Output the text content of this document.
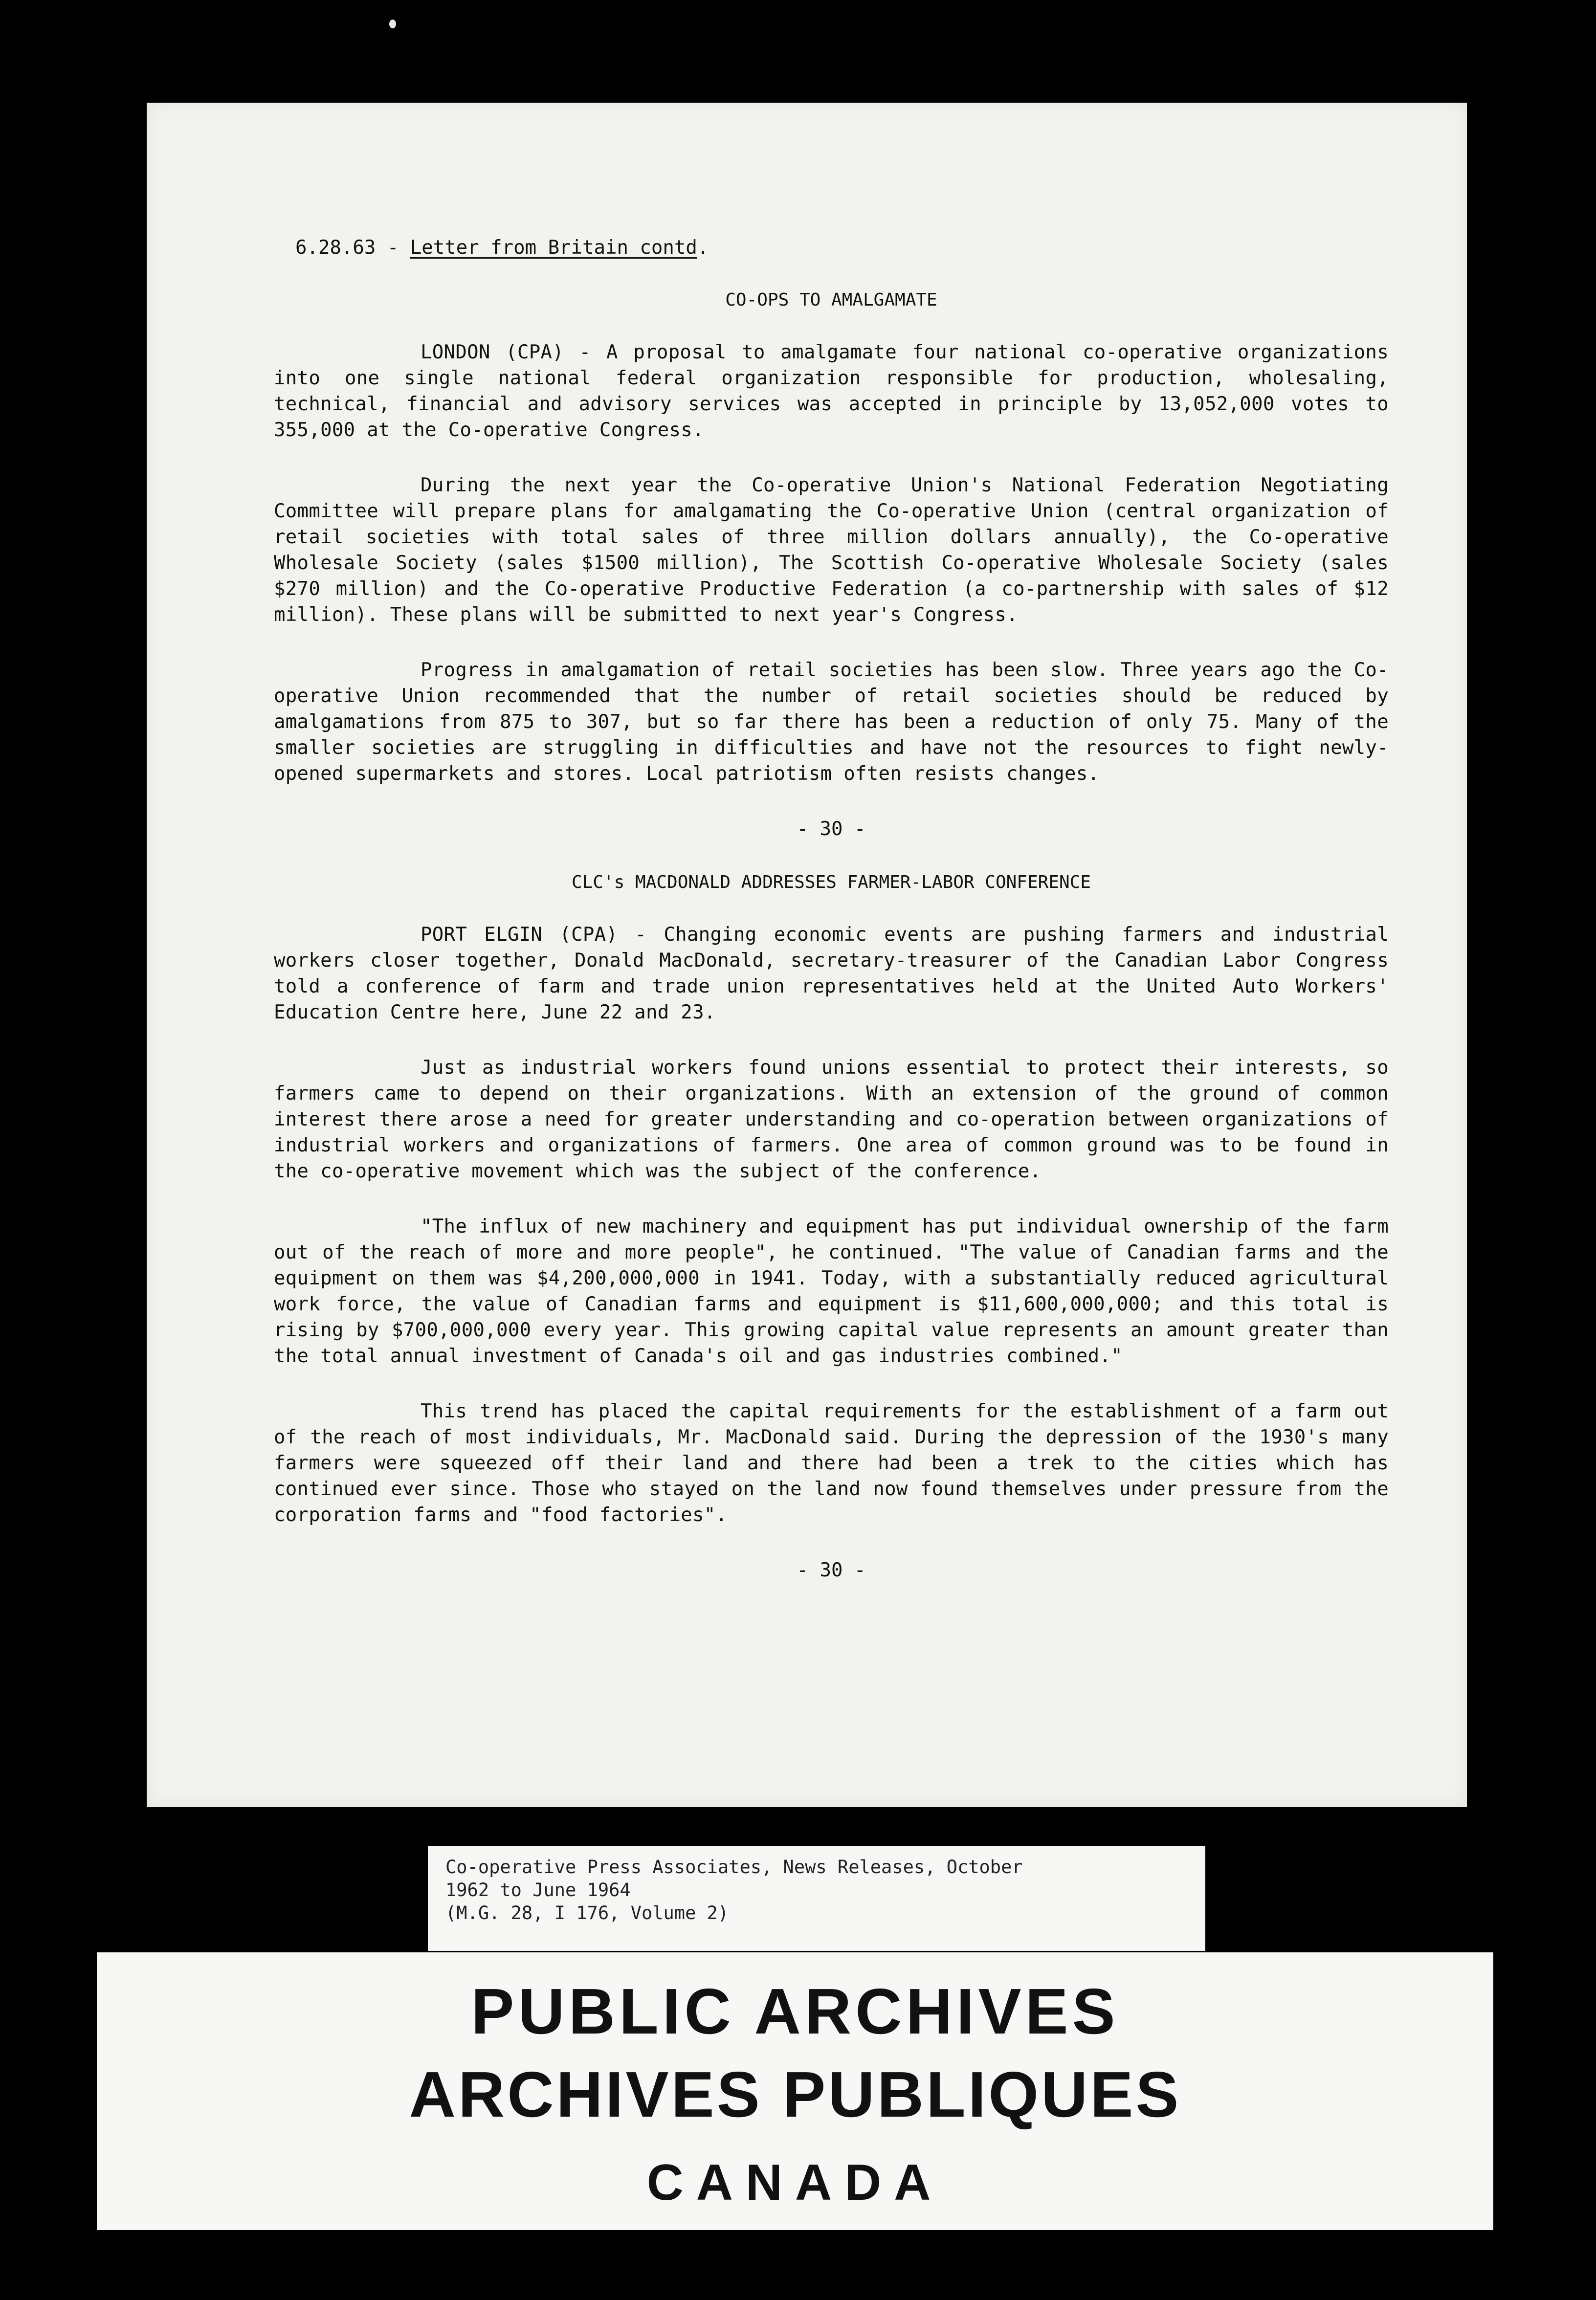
6.28.63 - Letter from Britain contd.
CO-OPS TO AMALGAMATE

LONDON (CPA) - A proposal to amalgamate four national co-operative organizations into one single national federal organization responsible for production, wholesaling, technical, financial and advisory services was accepted in principle by 13,052,000 votes to 355,000 at the Co-operative Congress.

During the next year the Co-operative Union's National Federation Negotiating Committee will prepare plans for amalgamating the Co-operative Union (central organization of retail societies with total sales of three million dollars annually), the Co-operative Wholesale Society (sales $1500 million), The Scottish Co-operative Wholesale Society (sales $270 million) and the Co-operative Productive Federation (a co-partnership with sales of $12 million). These plans will be submitted to next year's Congress.

Progress in amalgamation of retail societies has been slow. Three years ago the Co-operative Union recommended that the number of retail societies should be reduced by amalgamations from 875 to 307, but so far there has been a reduction of only 75. Many of the smaller societies are struggling in difficulties and have not the resources to fight newly-opened supermarkets and stores. Local patriotism often resists changes.

- 30 -
CLC's MACDONALD ADDRESSES FARMER-LABOR CONFERENCE

PORT ELGIN (CPA) - Changing economic events are pushing farmers and industrial workers closer together, Donald MacDonald, secretary-treasurer of the Canadian Labor Congress told a conference of farm and trade union representatives held at the United Auto Workers' Education Centre here, June 22 and 23.

Just as industrial workers found unions essential to protect their interests, so farmers came to depend on their organizations. With an extension of the ground of common interest there arose a need for greater understanding and co-operation between organizations of industrial workers and organizations of farmers. One area of common ground was to be found in the co-operative movement which was the subject of the conference.

"The influx of new machinery and equipment has put individual ownership of the farm out of the reach of more and more people", he continued. "The value of Canadian farms and the equipment on them was $4,200,000,000 in 1941. Today, with a substantially reduced agricultural work force, the value of Canadian farms and equipment is $11,600,000,000; and this total is rising by $700,000,000 every year. This growing capital value represents an amount greater than the total annual investment of Canada's oil and gas industries combined."

This trend has placed the capital requirements for the establishment of a farm out of the reach of most individuals, Mr. MacDonald said. During the depression of the 1930's many farmers were squeezed off their land and there had been a trek to the cities which has continued ever since. Those who stayed on the land now found themselves under pressure from the corporation farms and "food factories".

- 30 -
Co-operative Press Associates, News Releases, October
1962 to June 1964
(M.G. 28, I 176, Volume 2)
PUBLIC ARCHIVES
ARCHIVES PUBLIQUES
CANADA
